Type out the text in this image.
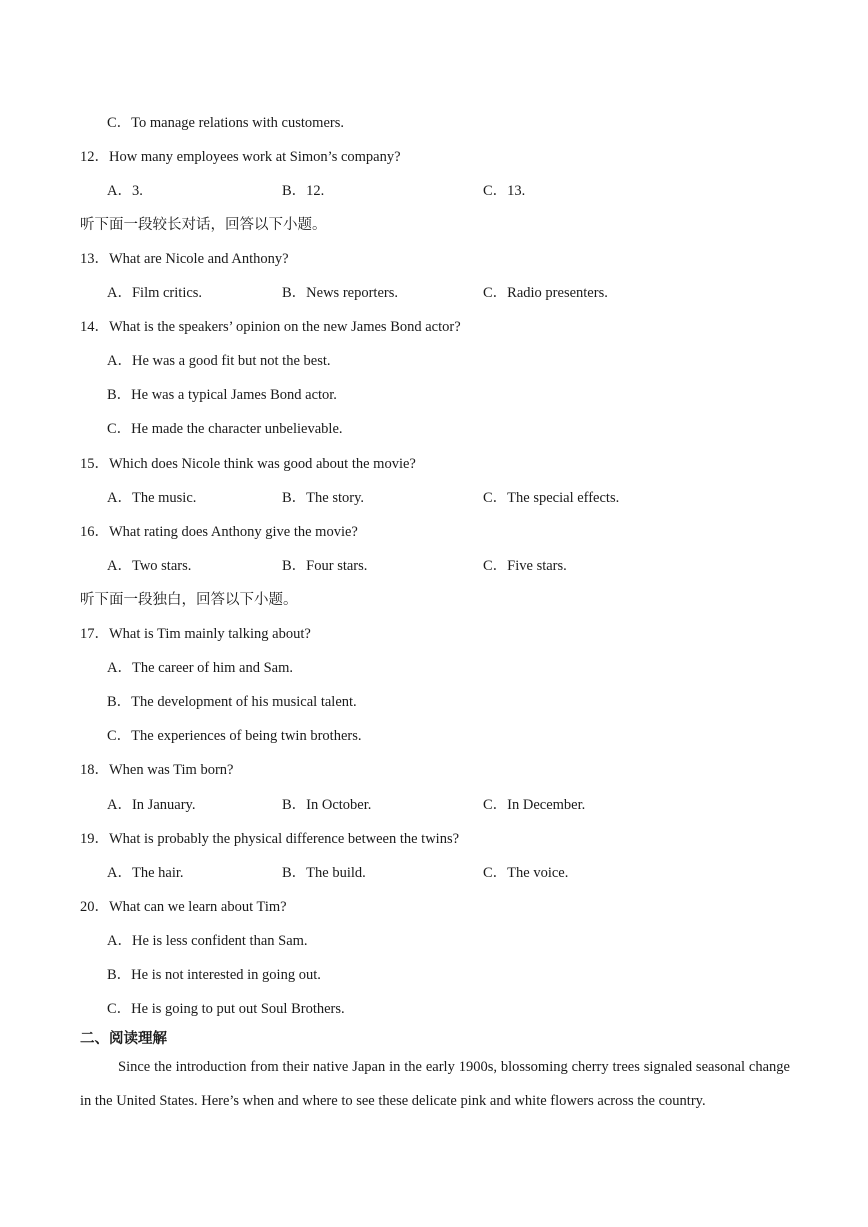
C．To manage relations with customers.
12．How many employees work at Simon’s company?
A．3.	B．12.	C．13.
听下面一段较长对话，回答以下小题。
13．What are Nicole and Anthony?
A．Film critics.	B．News reporters.	C．Radio presenters.
14．What is the speakers’ opinion on the new James Bond actor?
A．He was a good fit but not the best.
B．He was a typical James Bond actor.
C．He made the character unbelievable.
15．Which does Nicole think was good about the movie?
A．The music.	B．The story.	C．The special effects.
16．What rating does Anthony give the movie?
A．Two stars.	B．Four stars.	C．Five stars.
听下面一段独白，回答以下小题。
17．What is Tim mainly talking about?
A．The career of him and Sam.
B．The development of his musical talent.
C．The experiences of being twin brothers.
18．When was Tim born?
A．In January.	B．In October.	C．In December.
19．What is probably the physical difference between the twins?
A．The hair.	B．The build.	C．The voice.
20．What can we learn about Tim?
A．He is less confident than Sam.
B．He is not interested in going out.
C．He is going to put out Soul Brothers.
二、阅读理解
Since the introduction from their native Japan in the early 1900s, blossoming cherry trees signaled seasonal change in the United States. Here’s when and where to see these delicate pink and white flowers across the country.
